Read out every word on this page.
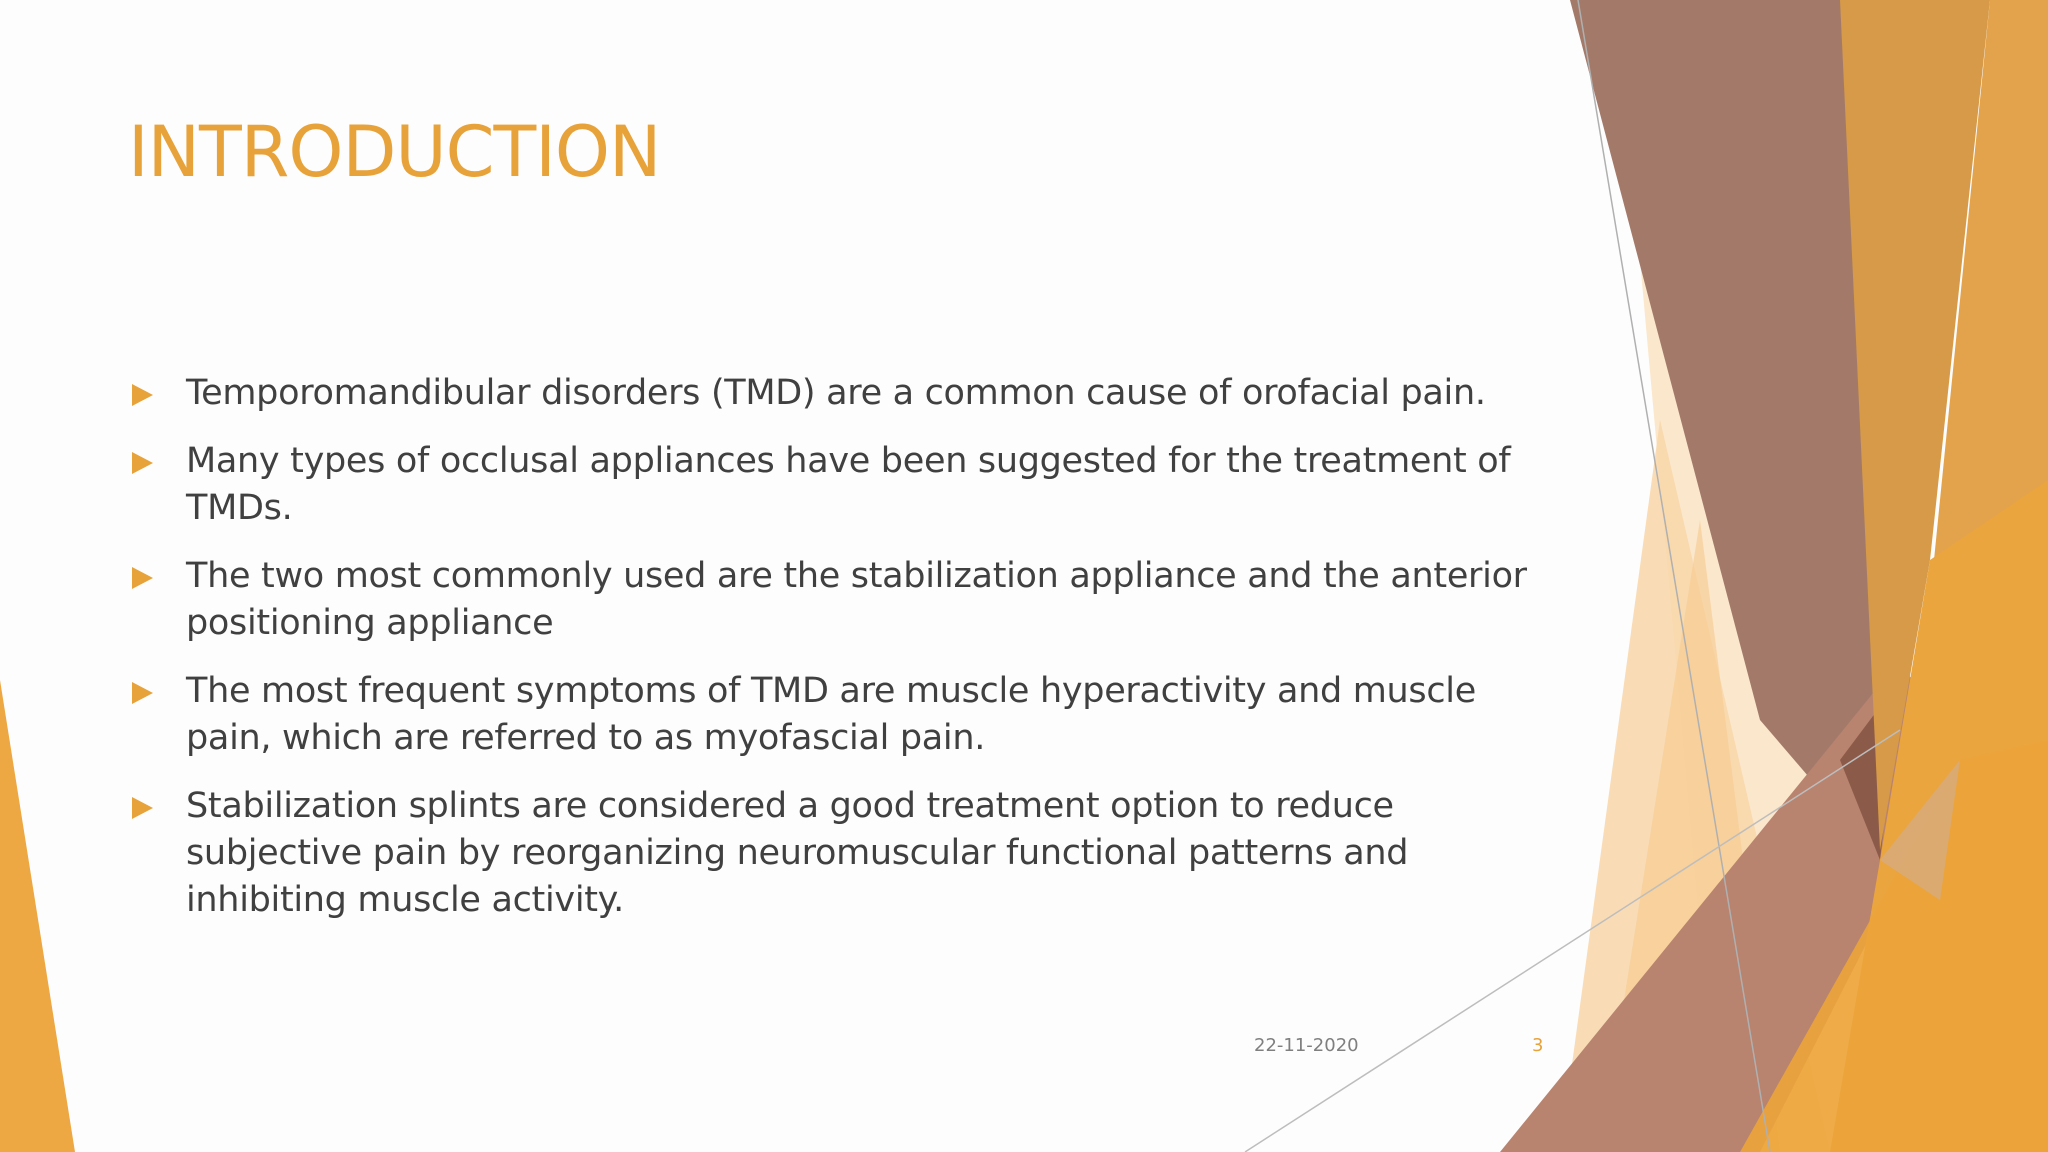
INTRODUCTION
Temporomandibular disorders (TMD) are a common cause of orofacial pain.
Many types of occlusal appliances have been suggested for the treatment of TMDs.
The two most commonly used are the stabilization appliance and the anterior positioning appliance
The most frequent symptoms of TMD are muscle hyperactivity and muscle pain, which are referred to as myofascial pain.
Stabilization splints are considered a good treatment option to reduce subjective pain by reorganizing neuromuscular functional patterns and inhibiting muscle activity.
22-11-2020	3
